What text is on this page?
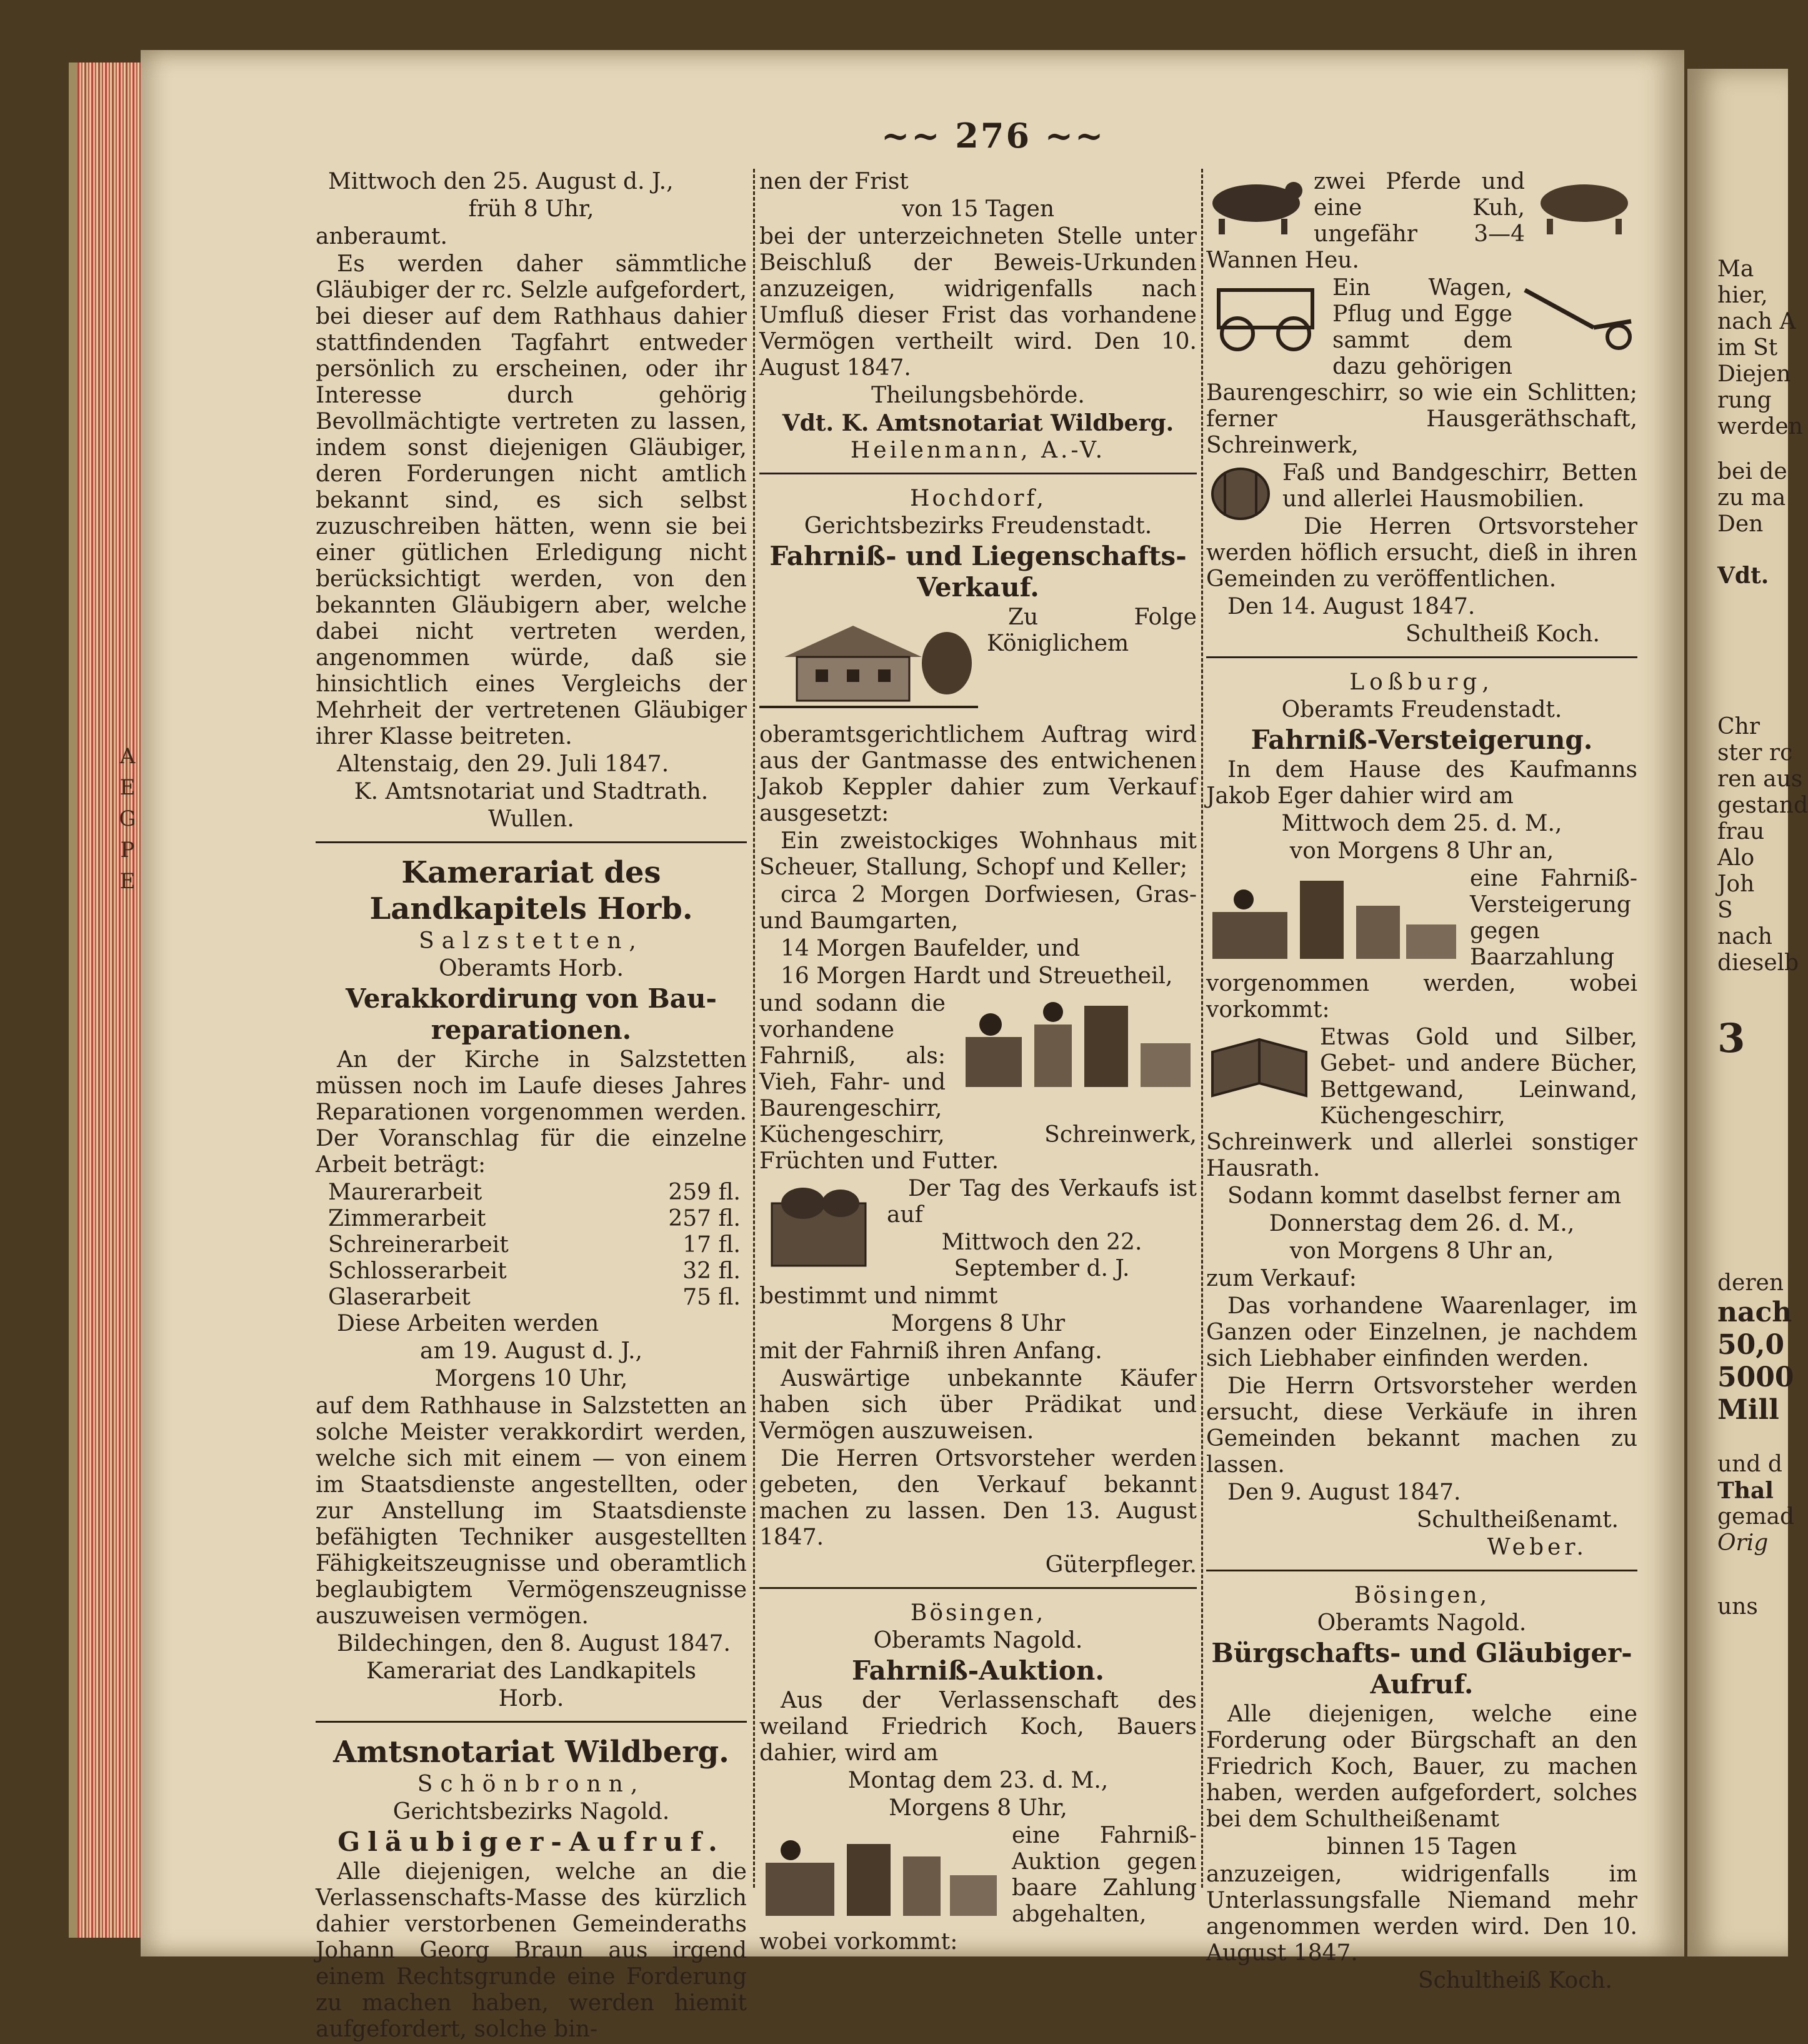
A
E
G
P
E
~~ 276 ~~
Mittwoch den 25. August d. J.,
früh 8 Uhr,
anberaumt.
Es werden daher sämmtliche Gläubiger der rc. Selzle aufgefordert, bei dieser auf dem Rathhaus dahier stattfindenden Tagfahrt entweder persönlich zu erscheinen, oder ihr Interesse durch gehörig Bevollmächtigte vertreten zu lassen, indem sonst diejenigen Gläubiger, deren Forderungen nicht amtlich bekannt sind, es sich selbst zuzuschreiben hätten, wenn sie bei einer gütlichen Erledigung nicht berücksichtigt werden, von den bekannten Gläubigern aber, welche dabei nicht vertreten werden, angenommen würde, daß sie hinsichtlich eines Vergleichs der Mehrheit der vertretenen Gläubiger ihrer Klasse beitreten.
Altenstaig, den 29. Juli 1847.
K. Amtsnotariat und Stadtrath.
Wullen.
Kamerariat des Landkapitels Horb.
Salzstetten,
Oberamts Horb.
Verakkordirung von Bau-reparationen.
An der Kirche in Salzstetten müssen noch im Laufe dieses Jahres Reparationen vorgenommen werden. Der Voranschlag für die einzelne Arbeit beträgt:
Maurerarbeit	259 fl.
Zimmerarbeit	257 fl.
Schreinerarbeit	17 fl.
Schlosserarbeit	32 fl.
Glaserarbeit	75 fl.
Diese Arbeiten werden
am 19. August d. J.,
Morgens 10 Uhr,
auf dem Rathhause in Salzstetten an solche Meister verakkordirt werden, welche sich mit einem — von einem im Staatsdienste angestellten, oder zur Anstellung im Staatsdienste befähigten Techniker ausgestellten Fähigkeitszeugnisse und oberamtlich beglaubigtem Vermögenszeugnisse auszuweisen vermögen.
Bildechingen, den 8. August 1847.
Kamerariat des Landkapitels
Horb.
Amtsnotariat Wildberg.
Schönbronn,
Gerichtsbezirks Nagold.
Gläubiger-Aufruf.
Alle diejenigen, welche an die Verlassenschafts-Masse des kürzlich dahier verstorbenen Gemeinderaths Johann Georg Braun aus irgend einem Rechtsgrunde eine Forderung zu machen haben, werden hiemit aufgefordert, solche bin-
nen der Frist
von 15 Tagen
bei der unterzeichneten Stelle unter Beischluß der Beweis-Urkunden anzuzeigen, widrigenfalls nach Umfluß dieser Frist das vorhandene Vermögen vertheilt wird. Den 10. August 1847.
Theilungsbehörde.
Vdt. K. Amtsnotariat Wildberg.
Heilenmann, A.-V.
Hochdorf,
Gerichtsbezirks Freudenstadt.
Fahrniß- und Liegenschafts-Verkauf.
Zu Folge Königlichem oberamtsgerichtlichem Auftrag wird aus der Gantmasse des entwichenen Jakob Keppler dahier zum Verkauf ausgesetzt:
Ein zweistockiges Wohnhaus mit Scheuer, Stallung, Schopf und Keller;
circa 2 Morgen Dorfwiesen, Gras- und Baumgarten,
14 Morgen Baufelder, und
16 Morgen Hardt und Streuetheil,
und sodann die vorhandene Fahrniß, als: Vieh, Fahr- und Baurengeschirr, Küchengeschirr, Schreinwerk, Früchten und Futter.
Der Tag des Verkaufs ist auf
Mittwoch den 22. September d. J.
bestimmt und nimmt
Morgens 8 Uhr
mit der Fahrniß ihren Anfang.
Auswärtige unbekannte Käufer haben sich über Prädikat und Vermögen auszuweisen.
Die Herren Ortsvorsteher werden gebeten, den Verkauf bekannt machen zu lassen. Den 13. August 1847.
Güterpfleger.
Bösingen,
Oberamts Nagold.
Fahrniß-Auktion.
Aus der Verlassenschaft des weiland Friedrich Koch, Bauers dahier, wird am
Montag dem 23. d. M.,
Morgens 8 Uhr,
eine Fahrniß-Auktion gegen baare Zahlung abgehalten,
wobei vorkommt:
zwei Pferde und eine Kuh, ungefähr 3—4 Wannen Heu.
Ein Wagen, Pflug und Egge sammt dem dazu gehörigen Baurengeschirr, so wie ein Schlitten; ferner Hausgeräthschaft, Schreinwerk,
Faß und Bandgeschirr, Betten und allerlei Hausmobilien.
Die Herren Ortsvorsteher werden höflich ersucht, dieß in ihren Gemeinden zu veröffentlichen.
Den 14. August 1847.
Schultheiß Koch.
Loßburg,
Oberamts Freudenstadt.
Fahrniß-Versteigerung.
In dem Hause des Kaufmanns Jakob Eger dahier wird am
Mittwoch dem 25. d. M.,
von Morgens 8 Uhr an,
eine Fahrniß-Versteigerung gegen Baarzahlung vorgenommen werden, wobei vorkommt:
Etwas Gold und Silber, Gebet- und andere Bücher, Bettgewand, Leinwand, Küchengeschirr, Schreinwerk und allerlei sonstiger Hausrath.
Sodann kommt daselbst ferner am
Donnerstag dem 26. d. M.,
von Morgens 8 Uhr an,
zum Verkauf:
Das vorhandene Waarenlager, im Ganzen oder Einzelnen, je nachdem sich Liebhaber einfinden werden.
Die Herrn Ortsvorsteher werden ersucht, diese Verkäufe in ihren Gemeinden bekannt machen zu lassen.
Den 9. August 1847.
Schultheißenamt.
Weber.
Bösingen,
Oberamts Nagold.
Bürgschafts- und Gläubiger-Aufruf.
Alle diejenigen, welche eine Forderung oder Bürgschaft an den Friedrich Koch, Bauer, zu machen haben, werden aufgefordert, solches bei dem Schultheißenamt
binnen 15 Tagen
anzuzeigen, widrigenfalls im Unterlassungsfalle Niemand mehr angenommen werden wird. Den 10. August 1847.
Schultheiß Koch.
Ma
hier,
nach A
im St
Diejen
rung
werden
bei de
zu ma
Den
Vdt.
Chr
ster rc
ren aus
gestand
frau
Alo
Joh
S
nach
dieselb
3
deren
nach
50,0
5000
Mill
und d
Thal
gemad
Orig
uns
